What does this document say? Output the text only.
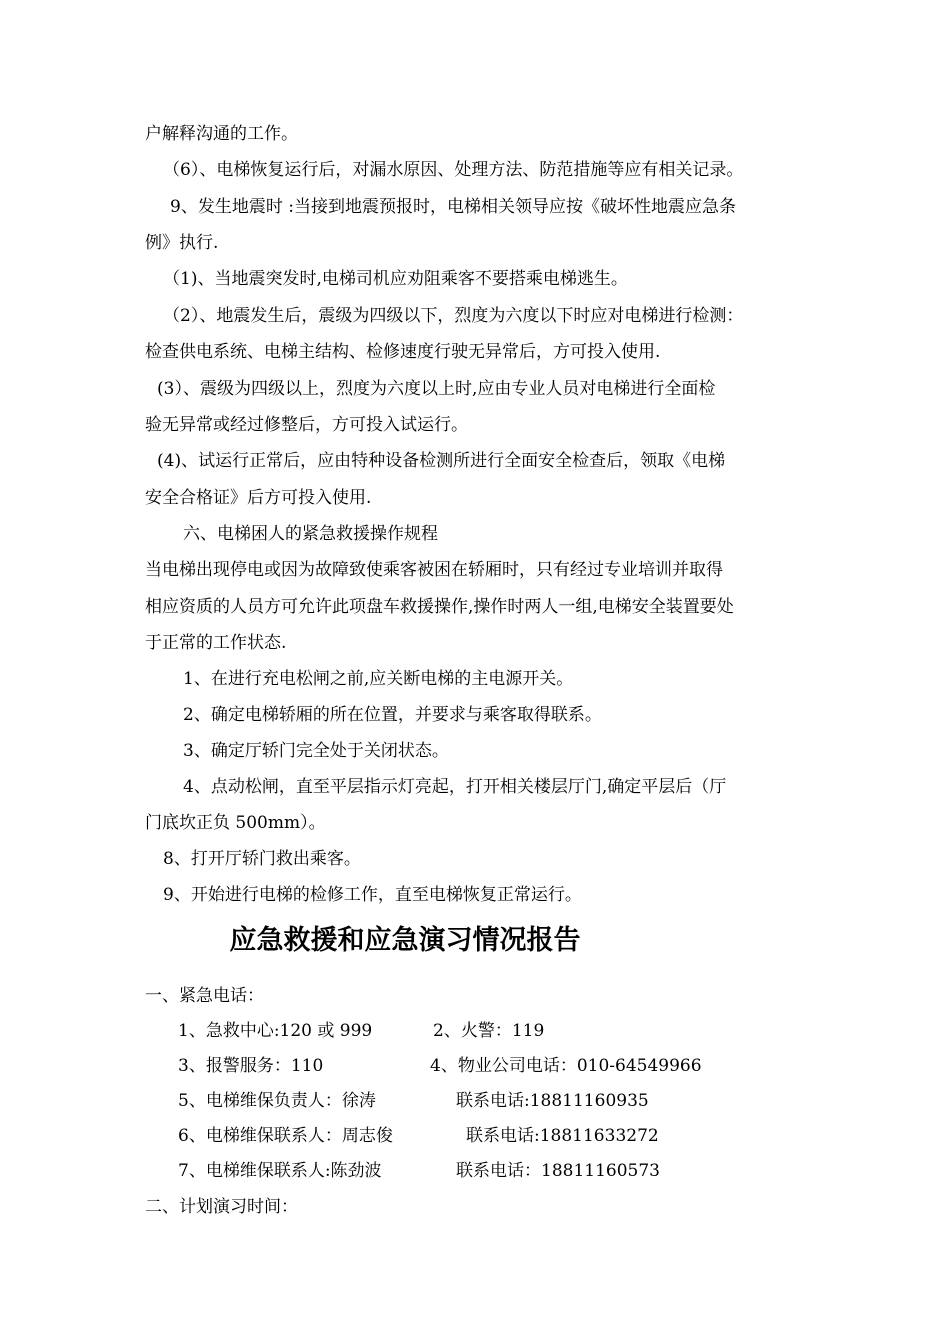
户解释沟通的工作。
（6）、电梯恢复运行后，对漏水原因、处理方法、防范措施等应有相关记录。
9、发生地震时 :当接到地震预报时，电梯相关领导应按《破坏性地震应急条
例》执行.
（1)、当地震突发时,电梯司机应劝阻乘客不要搭乘电梯逃生。
（2）、地震发生后，震级为四级以下，烈度为六度以下时应对电梯进行检测：
检查供电系统、电梯主结构、检修速度行驶无异常后，方可投入使用.
(3）、震级为四级以上，烈度为六度以上时,应由专业人员对电梯进行全面检
验无异常或经过修整后，方可投入试运行。
(4)、试运行正常后，应由特种设备检测所进行全面安全检查后，领取《电梯
安全合格证》后方可投入使用.
六、电梯困人的紧急救援操作规程
当电梯出现停电或因为故障致使乘客被困在轿厢时，只有经过专业培训并取得
相应资质的人员方可允许此项盘车救援操作,操作时两人一组,电梯安全装置要处
于正常的工作状态.
1、在进行充电松闸之前,应关断电梯的主电源开关。
2、确定电梯轿厢的所在位置，并要求与乘客取得联系。
3、确定厅轿门完全处于关闭状态。
4、点动松闸，直至平层指示灯亮起，打开相关楼层厅门,确定平层后（厅
门底坎正负 500mm）。
8、打开厅轿门救出乘客。
9、开始进行电梯的检修工作，直至电梯恢复正常运行。
应急救援和应急演习情况报告
一、紧急电话：
1、急救中心:120 或 999	2、火警：119
3、报警服务：110	4、物业公司电话：010-64549966
5、电梯维保负责人：徐涛	联系电话:18811160935
6、电梯维保联系人：周志俊	联系电话:18811633272
7、电梯维保联系人:陈劲波	联系电话：18811160573
二、计划演习时间：
